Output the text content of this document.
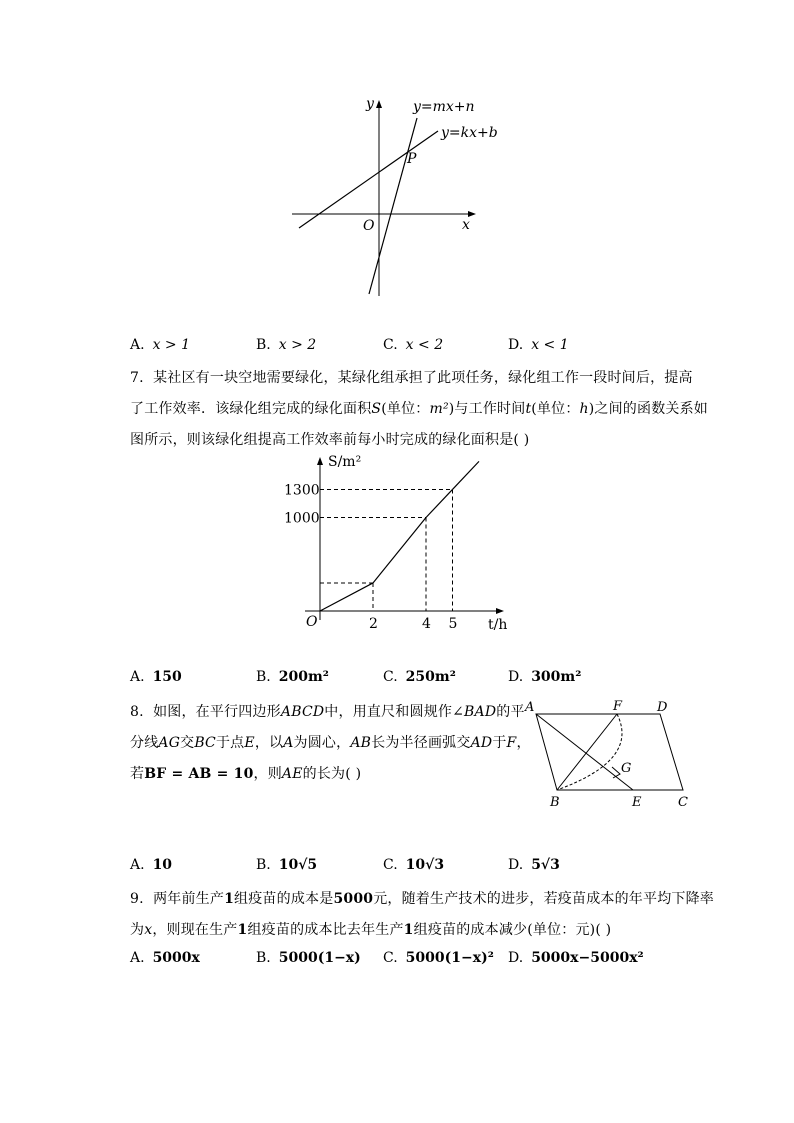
y
x
O
P
y=mx+n
y=kx+b
A. x > 1	B. x > 2	C. x < 2	D. x < 1
7. 某社区有一块空地需要绿化，某绿化组承担了此项任务，绿化组工作一段时间后，提高
了工作效率．该绿化组完成的绿化面积S(单位：m²)与工作时间t(单位：h)之间的函数关系如
图所示，则该绿化组提高工作效率前每小时完成的绿化面积是( )
S/m²
t/h
O	2	4 5
1000
1300
A. 150	B. 200m²	C. 250m²	D. 300m²
8. 如图，在平行四边形ABCD中，用直尺和圆规作∠BAD的平
分线AG交BC于点E，以A为圆心，AB长为半径画弧交AD于F，
若BF = AB = 10，则AE的长为( )
A	F	D
G
B	E	C
A. 10	B. 10√5	C. 10√3	D. 5√3
9. 两年前生产1组疫苗的成本是5000元，随着生产技术的进步，若疫苗成本的年平均下降率
为x，则现在生产1组疫苗的成本比去年生产1组疫苗的成本减少(单位：元)( )
A. 5000x	B. 5000(1−x) C. 5000(1−x)² D. 5000x−5000x²
